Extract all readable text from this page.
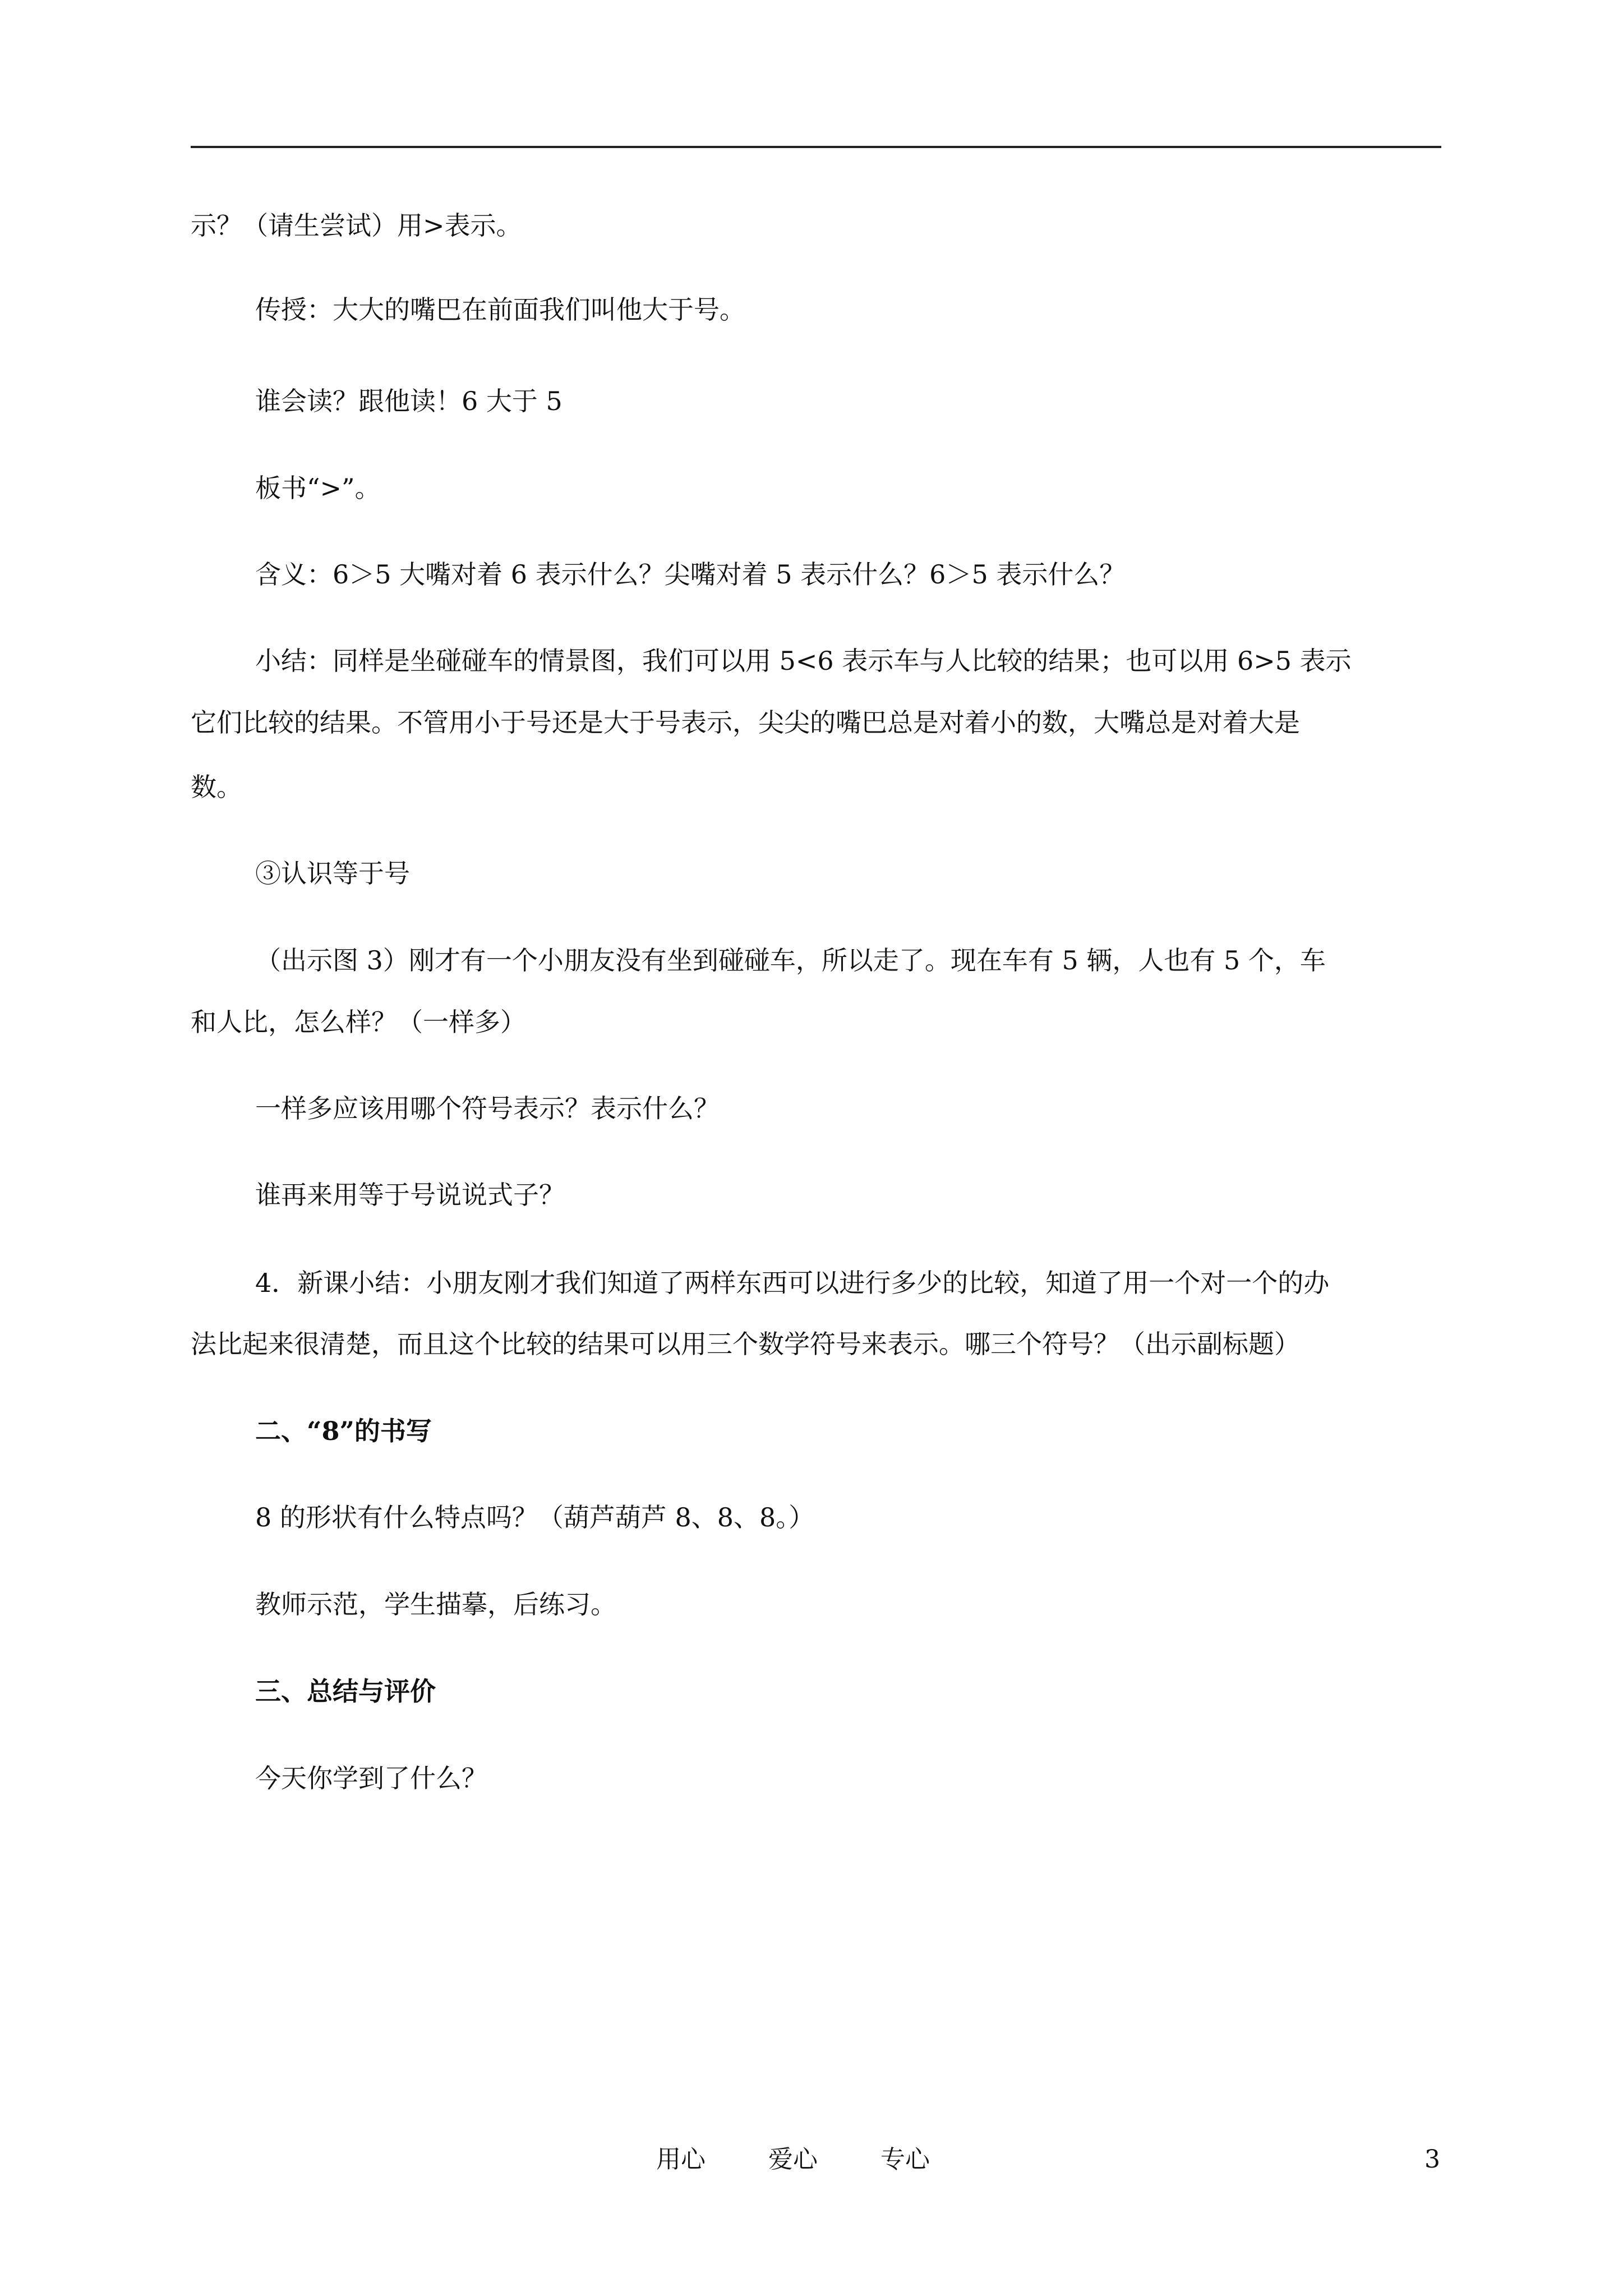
示？（请生尝试）用>表示。
传授：大大的嘴巴在前面我们叫他大于号。
谁会读？跟他读！6 大于 5
板书“>”。
含义：6＞5 大嘴对着 6 表示什么？尖嘴对着 5 表示什么？6＞5 表示什么？
小结：同样是坐碰碰车的情景图，我们可以用 5<6 表示车与人比较的结果；也可以用 6>5 表示
它们比较的结果。不管用小于号还是大于号表示，尖尖的嘴巴总是对着小的数，大嘴总是对着大是
数。
③认识等于号
（出示图 3）刚才有一个小朋友没有坐到碰碰车，所以走了。现在车有 5 辆，人也有 5 个，车
和人比，怎么样？（一样多）
一样多应该用哪个符号表示？表示什么？
谁再来用等于号说说式子？
4．新课小结：小朋友刚才我们知道了两样东西可以进行多少的比较，知道了用一个对一个的办
法比起来很清楚，而且这个比较的结果可以用三个数学符号来表示。哪三个符号？（出示副标题）
二、“8”的书写
8 的形状有什么特点吗？（葫芦葫芦 8、8、8。）
教师示范，学生描摹，后练习。
三、总结与评价
今天你学到了什么？
用心	爱心	专心	3
